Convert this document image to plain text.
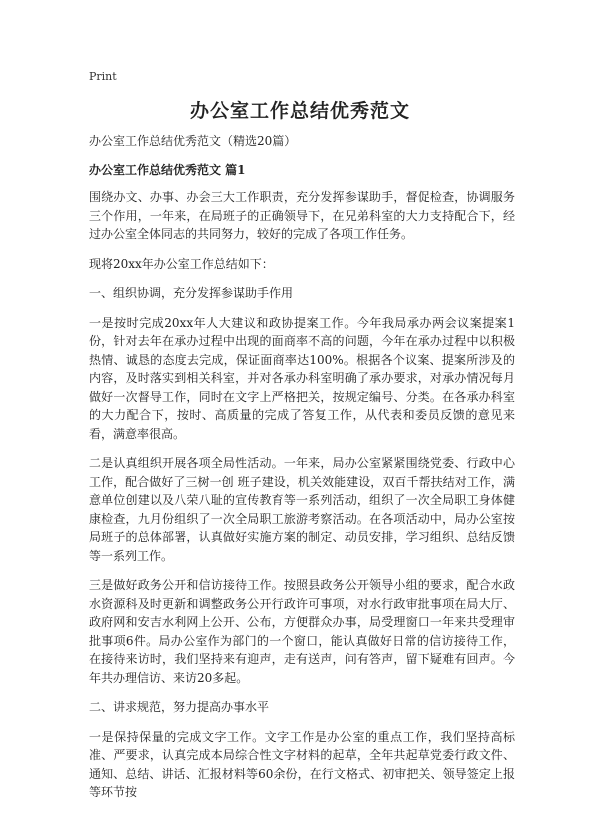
Print
办公室工作总结优秀范文

办公室工作总结优秀范文（精选20篇）

办公室工作总结优秀范文 篇1

围绕办文、办事、办会三大工作职责，充分发挥参谋助手，督促检查，协调服务三个作用，一年来，在局班子的正确领导下，在兄弟科室的大力支持配合下，经过办公室全体同志的共同努力，较好的完成了各项工作任务。

现将20xx年办公室工作总结如下：

一、组织协调，充分发挥参谋助手作用

一是按时完成20xx年人大建议和政协提案工作。今年我局承办两会议案提案1份，针对去年在承办过程中出现的面商率不高的问题，今年在承办过程中以积极热情、诚恳的态度去完成，保证面商率达100%。根据各个议案、提案所涉及的内容，及时落实到相关科室，并对各承办科室明确了承办要求，对承办情况每月做好一次督导工作，同时在文字上严格把关，按规定编号、分类。在各承办科室的大力配合下，按时、高质量的完成了答复工作，从代表和委员反馈的意见来看，满意率很高。

二是认真组织开展各项全局性活动。一年来，局办公室紧紧围绕党委、行政中心工作，配合做好了三树一创 班子建设，机关效能建设，双百千帮扶结对工作，满意单位创建以及八荣八耻的宣传教育等一系列活动，组织了一次全局职工身体健康检查，九月份组织了一次全局职工旅游考察活动。在各项活动中，局办公室按局班子的总体部署，认真做好实施方案的制定、动员安排，学习组织、总结反馈等一系列工作。

三是做好政务公开和信访接待工作。按照县政务公开领导小组的要求，配合水政水资源科及时更新和调整政务公开行政许可事项，对水行政审批事项在局大厅、政府网和安吉水利网上公开、公布，方便群众办事，局受理窗口一年来共受理审批事项6件。局办公室作为部门的一个窗口，能认真做好日常的信访接待工作，在接待来访时，我们坚持来有迎声，走有送声，问有答声，留下疑难有回声。今年共办理信访、来访20多起。

二、讲求规范，努力提高办事水平

一是保持保量的完成文字工作。文字工作是办公室的重点工作，我们坚持高标准、严要求，认真完成本局综合性文字材料的起草，全年共起草党委行政文件、通知、总结、讲话、汇报材料等60余份，在行文格式、初审把关、领导签定上报等环节按
